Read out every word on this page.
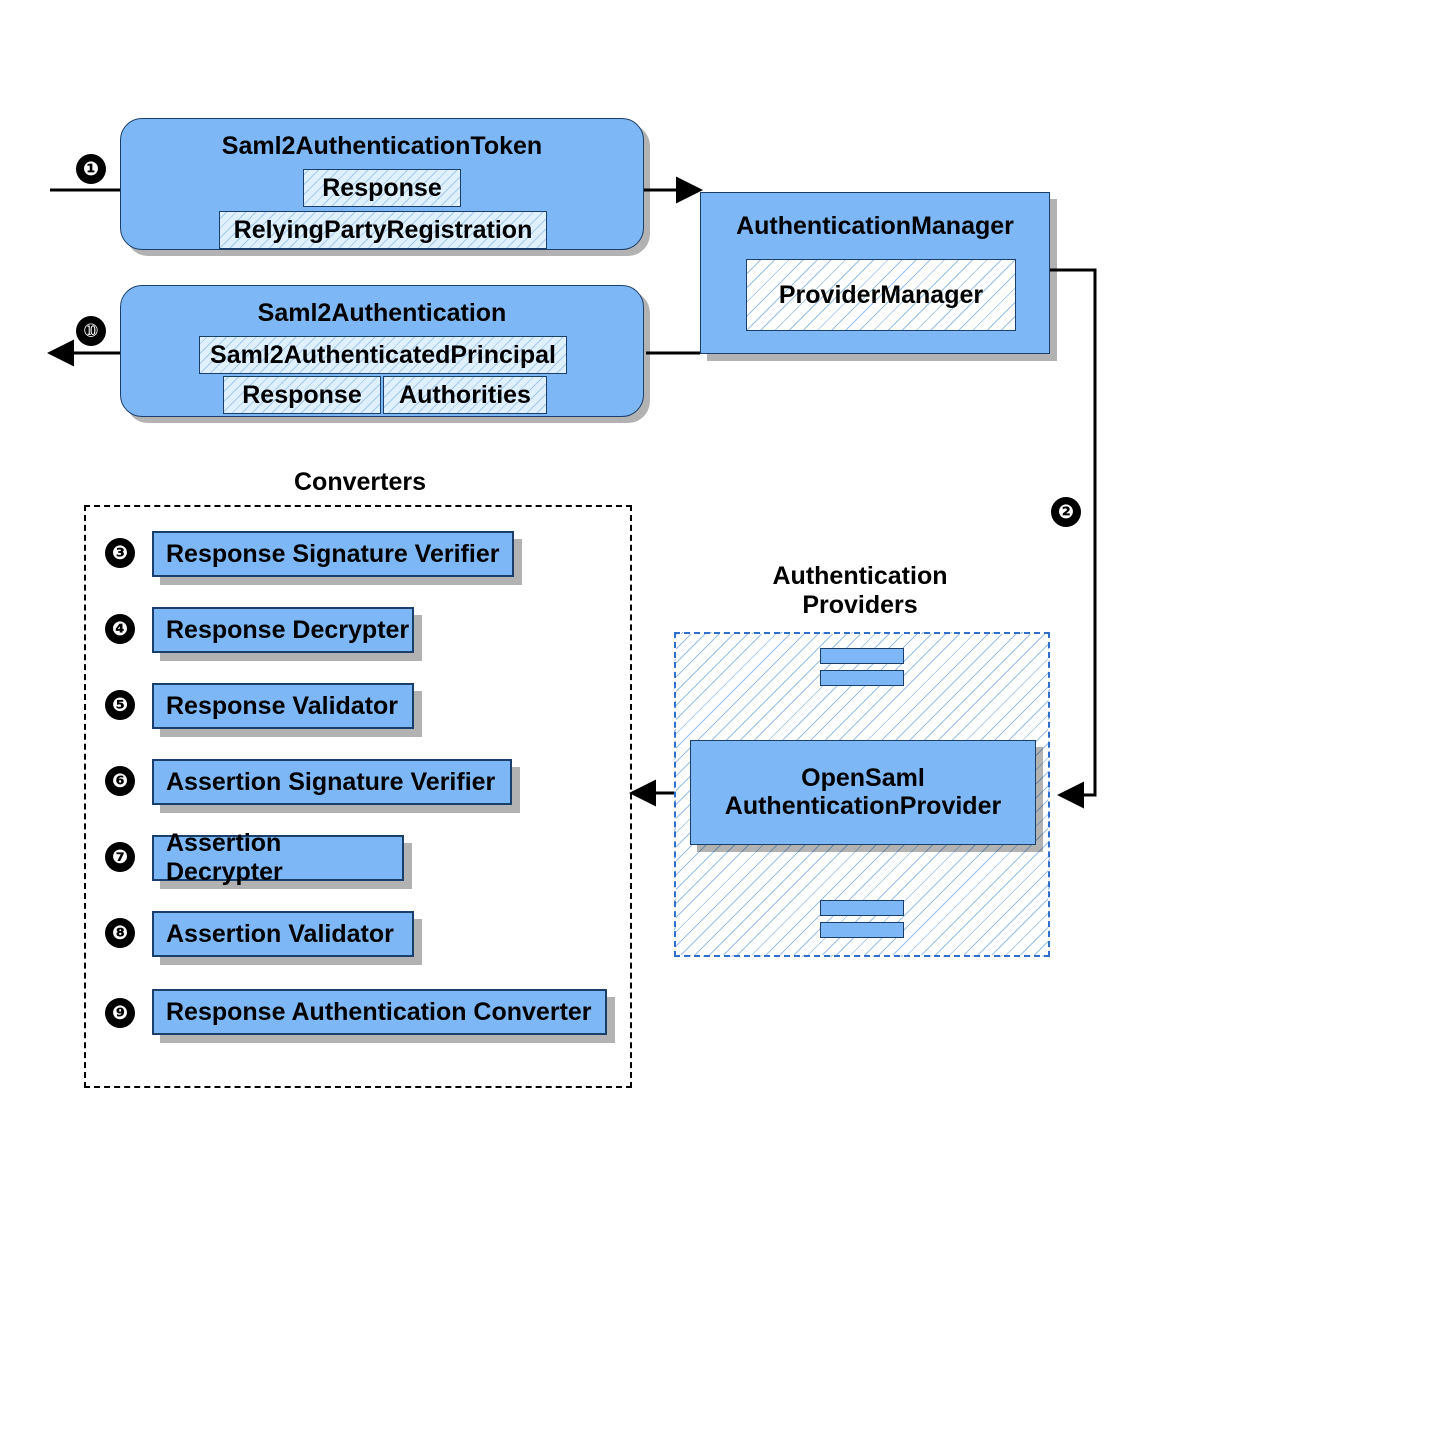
❶
Saml2AuthenticationToken
Response
RelyingPartyRegistration	AuthenticationManager
ProviderManager
➉
Saml2Authentication
Saml2AuthenticatedPrincipal
Response	Authorities
❷
Converters
❸	Response Signature Verifier
❹	Response Decrypter
❺	Response Validator
❻	Assertion Signature Verifier
❼	Assertion Decrypter
❽	Assertion Validator
❾	Response Authentication Converter
Authentication
Providers
OpenSaml
AuthenticationProvider
